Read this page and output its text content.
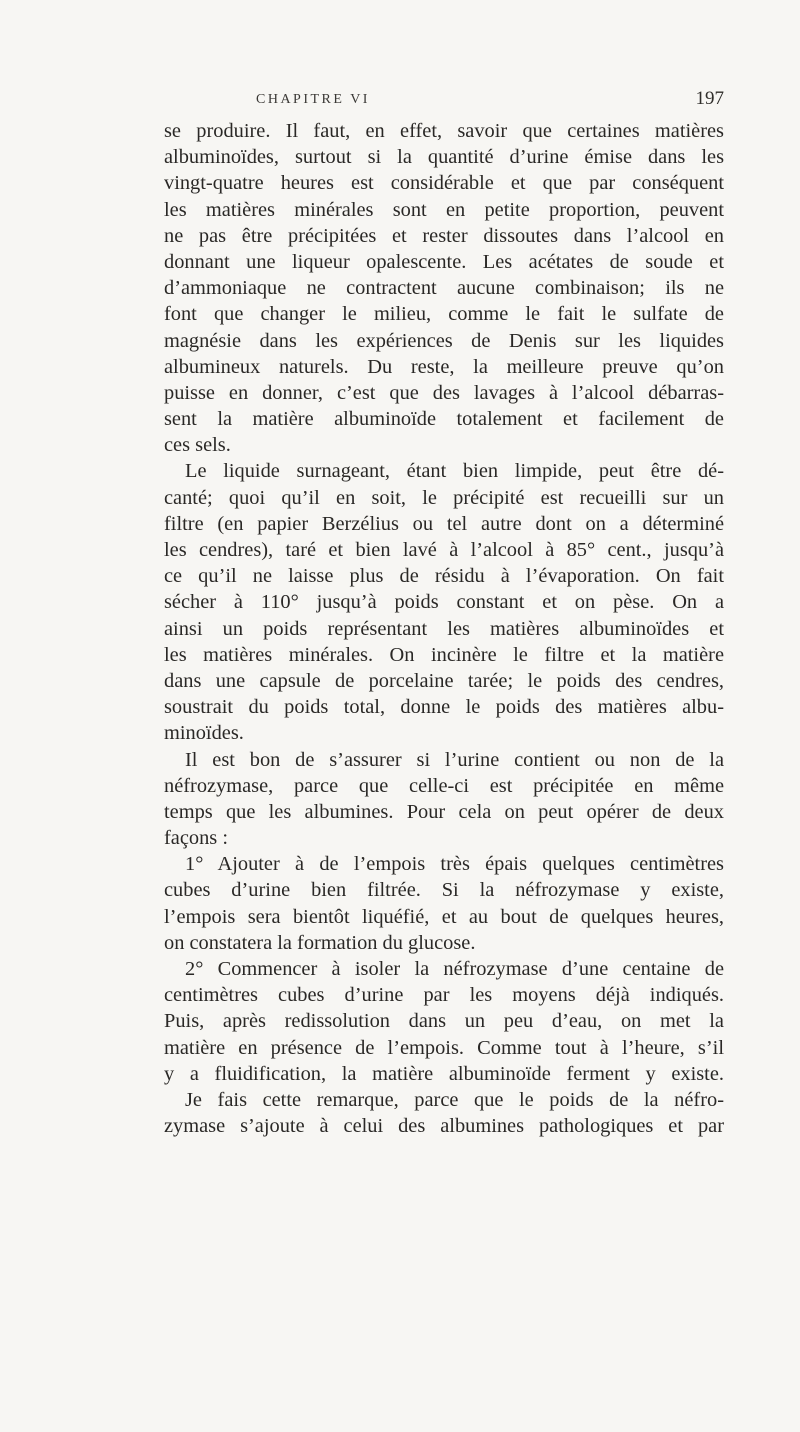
CHAPITRE VI	197
se produire. Il faut, en effet, savoir que certaines matières
albuminoïdes, surtout si la quantité d’urine émise dans les
vingt-quatre heures est considérable et que par conséquent
les matières minérales sont en petite proportion, peuvent
ne pas être précipitées et rester dissoutes dans l’alcool en
donnant une liqueur opalescente. Les acétates de soude et
d’ammoniaque ne contractent aucune combinaison; ils ne
font que changer le milieu, comme le fait le sulfate de
magnésie dans les expériences de Denis sur les liquides
albumineux naturels. Du reste, la meilleure preuve qu’on
puisse en donner, c’est que des lavages à l’alcool débarras-
sent la matière albuminoïde totalement et facilement de
ces sels.
Le liquide surnageant, étant bien limpide, peut être dé-
canté; quoi qu’il en soit, le précipité est recueilli sur un
filtre (en papier Berzélius ou tel autre dont on a déterminé
les cendres), taré et bien lavé à l’alcool à 85° cent., jusqu’à
ce qu’il ne laisse plus de résidu à l’évaporation. On fait
sécher à 110° jusqu’à poids constant et on pèse. On a
ainsi un poids représentant les matières albuminoïdes et
les matières minérales. On incinère le filtre et la matière
dans une capsule de porcelaine tarée; le poids des cendres,
soustrait du poids total, donne le poids des matières albu-
minoïdes.
Il est bon de s’assurer si l’urine contient ou non de la
néfrozymase, parce que celle-ci est précipitée en même
temps que les albumines. Pour cela on peut opérer de deux
façons :
1° Ajouter à de l’empois très épais quelques centimètres
cubes d’urine bien filtrée. Si la néfrozymase y existe,
l’empois sera bientôt liquéfié, et au bout de quelques heures,
on constatera la formation du glucose.
2° Commencer à isoler la néfrozymase d’une centaine de
centimètres cubes d’urine par les moyens déjà indiqués.
Puis, après redissolution dans un peu d’eau, on met la
matière en présence de l’empois. Comme tout à l’heure, s’il
y a fluidification, la matière albuminoïde ferment y existe.
Je fais cette remarque, parce que le poids de la néfro-
zymase s’ajoute à celui des albumines pathologiques et par
